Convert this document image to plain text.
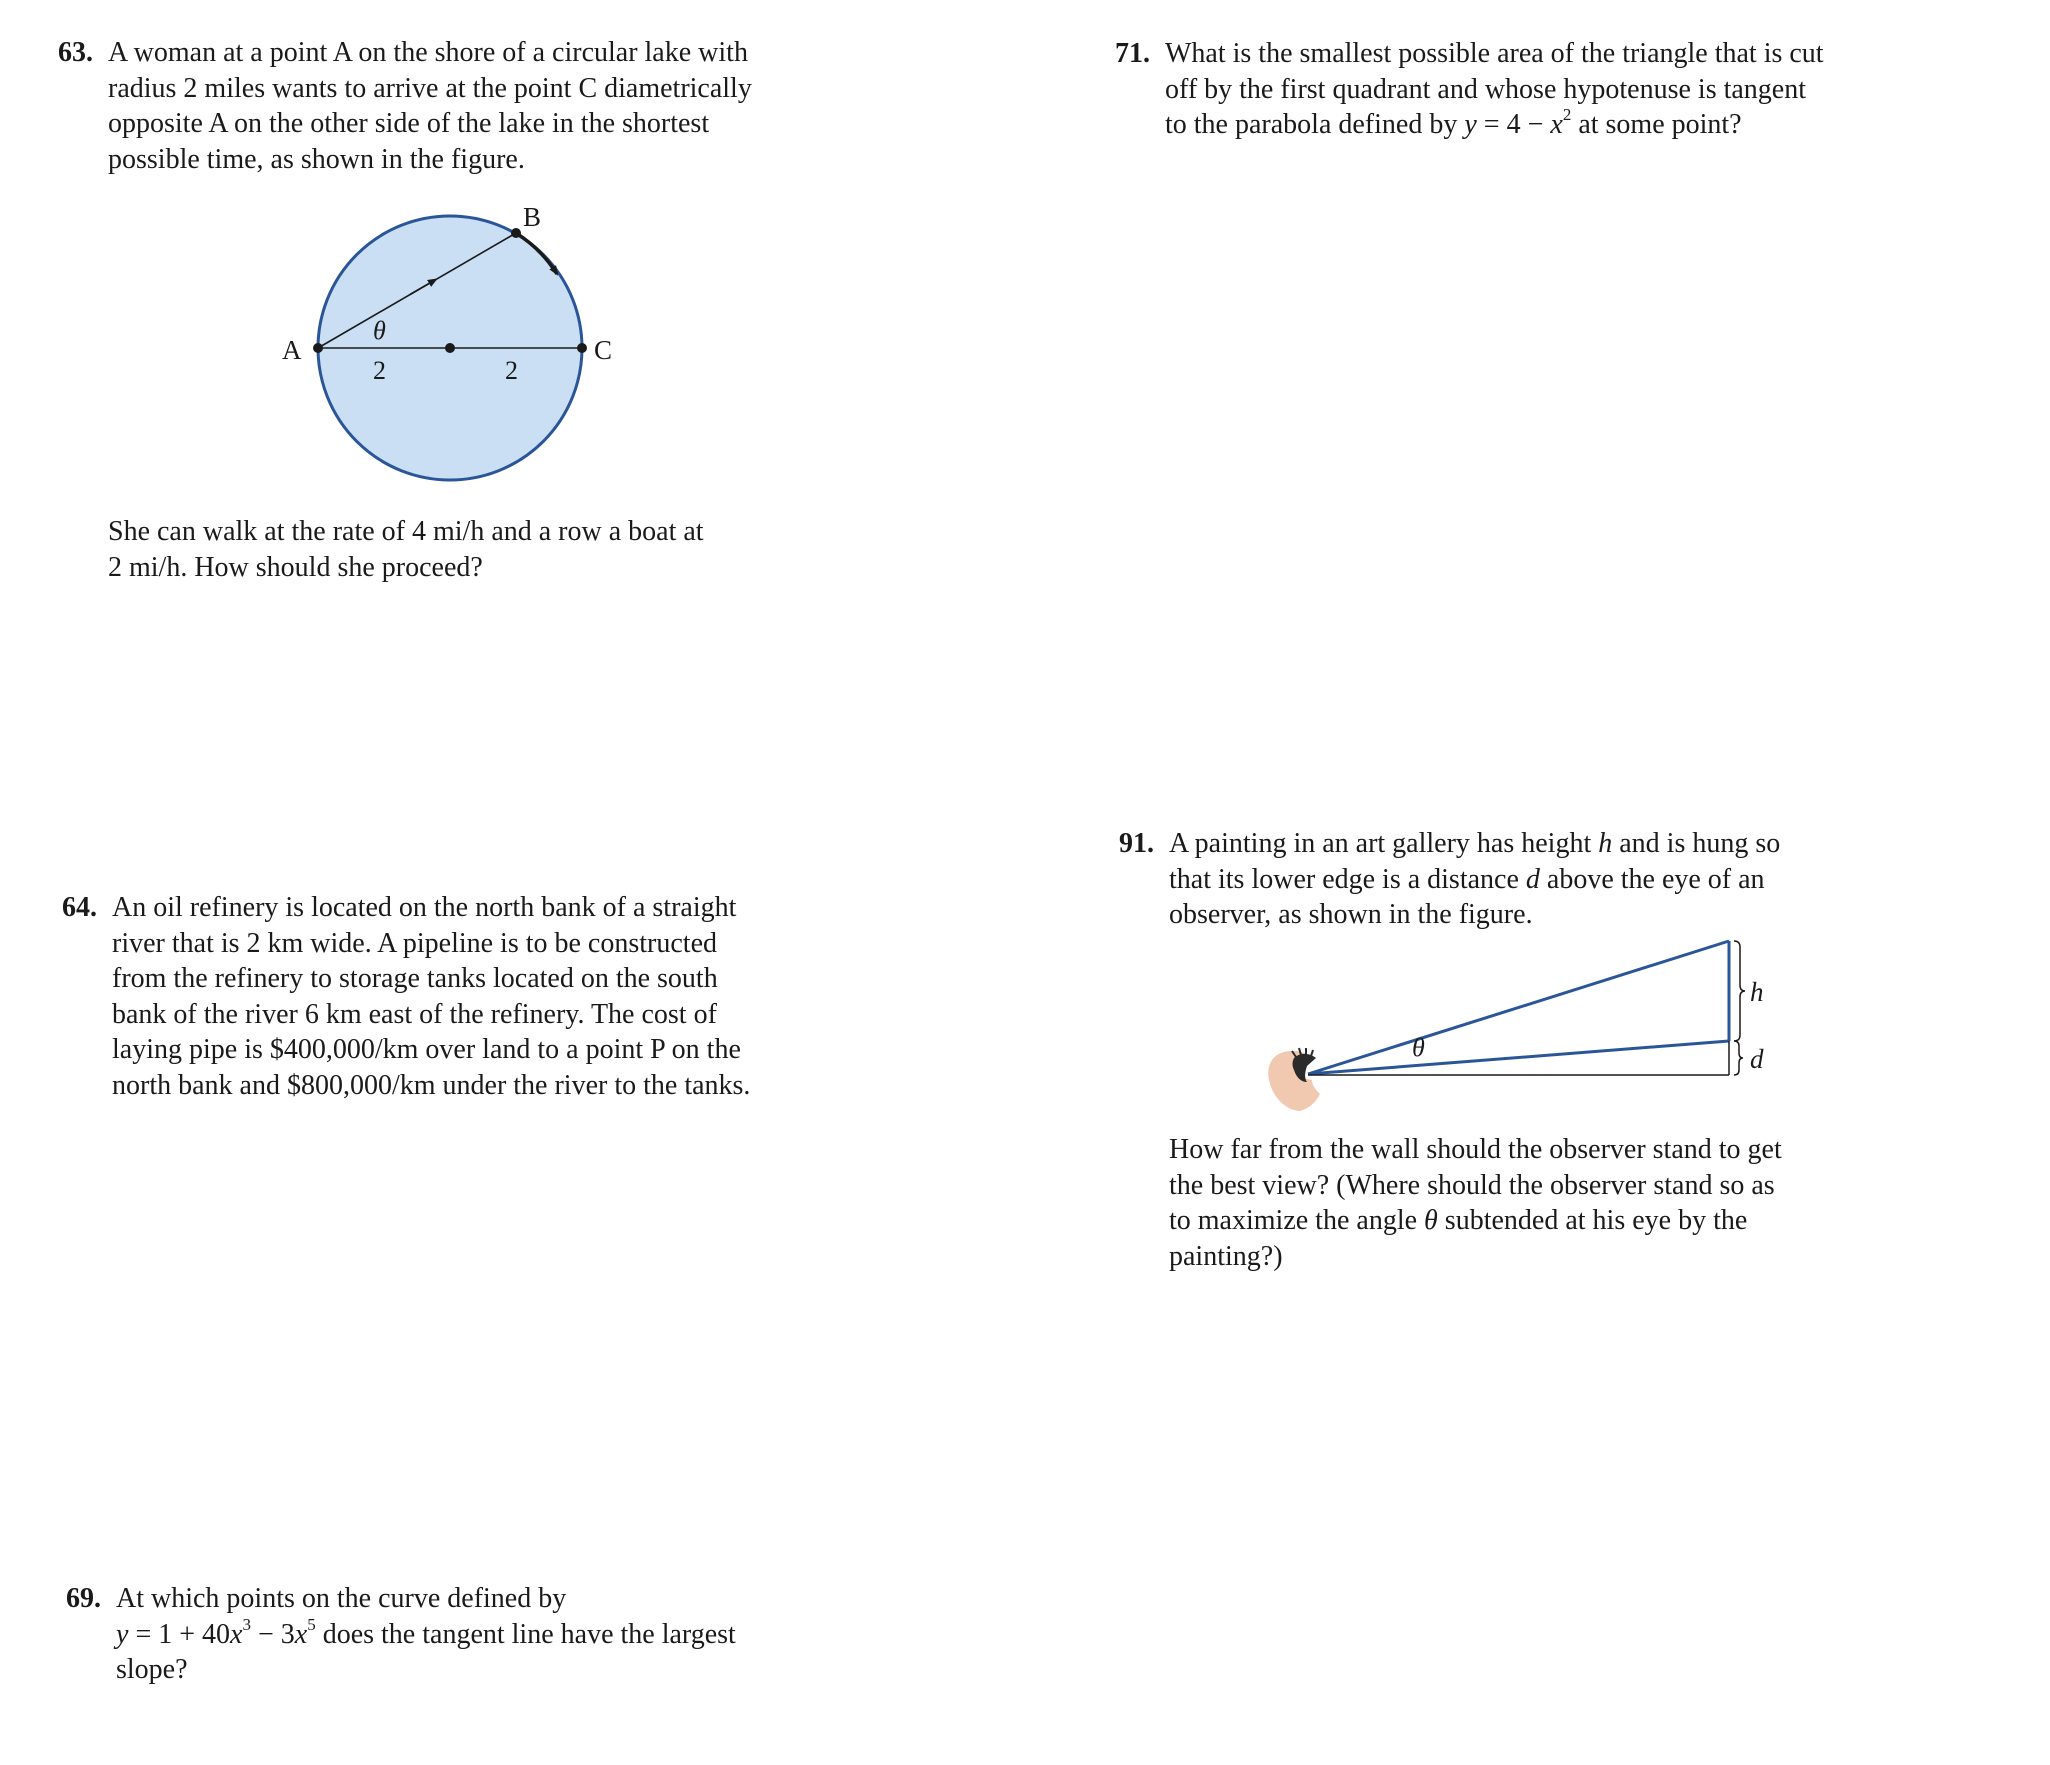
63. A woman at a point A on the shore of a circular lake with
radius 2 miles wants to arrive at the point C diametrically
opposite A on the other side of the lake in the shortest
possible time, as shown in the figure.
A
B
C
θ
2	2
She can walk at the rate of 4 mi/h and a row a boat at
2 mi/h. How should she proceed?
64. An oil refinery is located on the north bank of a straight
river that is 2 km wide. A pipeline is to be constructed
from the refinery to storage tanks located on the south
bank of the river 6 km east of the refinery. The cost of
laying pipe is $400,000/km over land to a point P on the
north bank and $800,000/km under the river to the tanks.
69. At which points on the curve defined by
$y = 1 + 40x^3 - 3x^5$ does the tangent line have the largest
slope?
71. What is the smallest possible area of the triangle that is cut
off by the first quadrant and whose hypotenuse is tangent
to the parabola defined by $y = 4 - x^2$ at some point?
91. A painting in an art gallery has height h and is hung so
that its lower edge is a distance d above the eye of an
observer, as shown in the figure.
h
d
θ
How far from the wall should the observer stand to get
the best view? (Where should the observer stand so as
to maximize the angle θ subtended at his eye by the
painting?)
